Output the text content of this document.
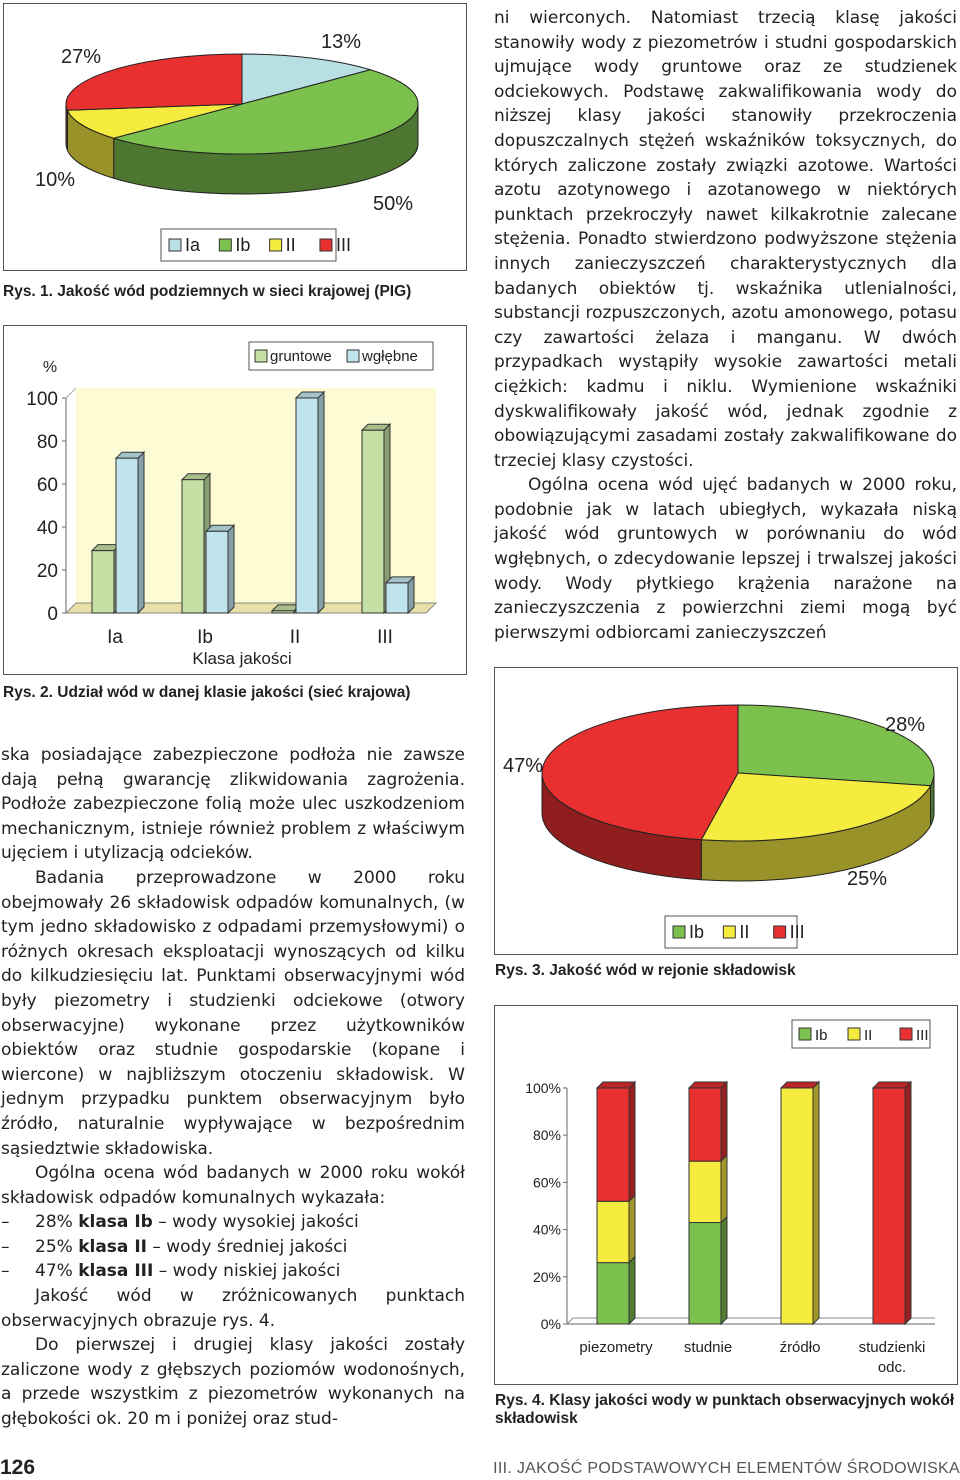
13%
50%
10%
27%
Ia Ib II III
Rys. 1. Jakość wód podziemnych w sieci krajowej (PIG)
0
20
40
60
80
100
%
Ia	Ib	II	III
Klasa jakości
gruntowe wgłębne
Rys. 2. Udział wód w danej klasie jakości (sieć krajowa)
28%
25%
47%
Ib II III
Rys. 3. Jakość wód w rejonie składowisk
0%
20%
40%
60%
80%
100%
piezometry studnie	źródło	studzienki
odc.
Ib II	III
Rys. 4. Klasy jakości wody w punktach obserwacyjnych wokół składowisk

ni wierconych. Natomiast trzecią klasę jakości stanowiły wody z piezometrów i studni gospodarskich ujmujące wody gruntowe oraz ze studzienek odciekowych. Podstawę zakwalifikowania wody do niższej klasy jakości stanowiły przekroczenia dopuszczalnych stężeń wskaźników toksycznych, do których zaliczone zostały związki azotowe. Wartości azotu azotynowego i azotanowego w niektórych punktach przekroczyły nawet kilkakrotnie zalecane stężenia. Ponadto stwierdzono podwyższone stężenia innych zanieczyszczeń charakterystycznych dla badanych obiektów tj. wskaźnika utlenialności, substancji rozpuszczonych, azotu amonowego, potasu czy zawartości żelaza i manganu. W dwóch przypadkach wystąpiły wysokie zawartości metali ciężkich: kadmu i niklu. Wymienione wskaźniki dyskwalifikowały jakość wód, jednak zgodnie z obowiązującymi zasadami zostały zakwalifikowane do trzeciej klasy czystości.

Ogólna ocena wód ujęć badanych w 2000 roku, podobnie jak w latach ubiegłych, wykazała niską jakość wód gruntowych w porównaniu do wód wgłębnych, o zdecydowanie lepszej i trwalszej jakości wody. Wody płytkiego krążenia narażone na zanieczyszczenia z powierzchni ziemi mogą być pierwszymi odbiorcami zanieczyszczeń

ska posiadające zabezpieczone podłoża nie zawsze dają pełną gwarancję zlikwidowania zagrożenia. Podłoże zabezpieczone folią może ulec uszkodzeniom mechanicznym, istnieje również problem z właściwym ujęciem i utylizacją odcieków.

Badania przeprowadzone w 2000 roku obejmowały 26 składowisk odpadów komunalnych, (w tym jedno składowisko z odpadami przemysłowymi) o różnych okresach eksploatacji wynoszących od kilku do kilkudziesięciu lat. Punktami obserwacyjnymi wód były piezometry i studzienki odciekowe (otwory obserwacyjne) wykonane przez użytkowników obiektów oraz studnie gospodarskie (kopane i wiercone) w najbliższym otoczeniu składowisk. W jednym przypadku punktem obserwacyjnym było źródło, naturalnie wypływające w bezpośrednim sąsiedztwie składowiska.

Ogólna ocena wód badanych w 2000 roku wokół składowisk odpadów komunalnych wykazała:

–	28% klasa Ib – wody wysokiej jakości
–	25% klasa II – wody średniej jakości
–	47% klasa III – wody niskiej jakości

Jakość wód w zróżnicowanych punktach obserwacyjnych obrazuje rys. 4.

Do pierwszej i drugiej klasy jakości zostały zaliczone wody z głębszych poziomów wodonośnych, a przede wszystkim z piezometrów wykonanych na głębokości ok. 20 m i poniżej oraz stud-

126	III. JAKOŚĆ PODSTAWOWYCH ELEMENTÓW ŚRODOWISKA
